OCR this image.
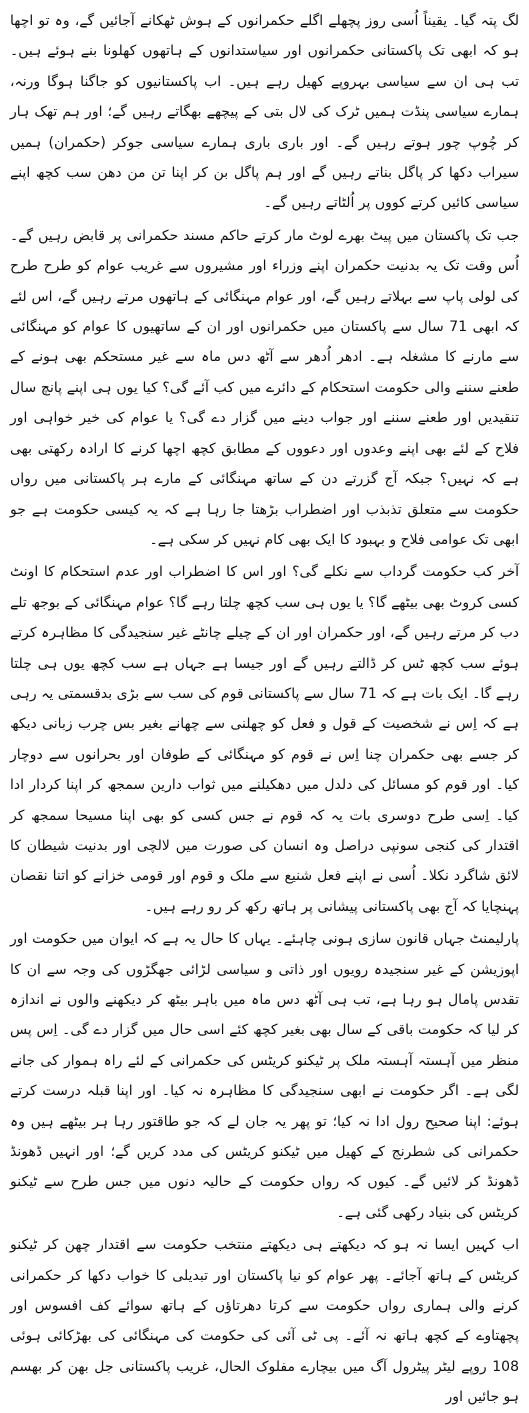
لگ پتہ گیا۔ یقیناً اُسی روز پچھلے اگلے حکمرانوں کے ہوش ٹھکانے آجائیں گے، وہ تو اچھا ہو کہ ابھی تک پاکستانی حکمرانوں اور سیاستدانوں کے ہاتھوں کھلونا بنے ہوئے ہیں۔ تب ہی ان سے سیاسی بہروپے کھیل رہے ہیں۔ اب پاکستانیوں کو جاگنا ہوگا ورنہ، ہمارے سیاسی پنڈت ہمیں ٹرک کی لال بتی کے پیچھے بھگاتے رہیں گے؛ اور ہم تھک ہار کر چُوپ چور ہوتے رہیں گے۔ اور باری باری ہمارے سیاسی جوکر (حکمران) ہمیں سیراب دکھا کر پاگل بناتے رہیں گے اور ہم پاگل بن کر اپنا تن من دھن سب کچھ اپنے سیاسی کائیں کرتے کووں پر اُلٹاتے رہیں گے۔

جب تک پاکستان میں پیٹ بھرے لوٹ مار کرتے حاکم مسند حکمرانی پر قابض رہیں گے۔ اُس وقت تک یہ بدنیت حکمران اپنے وزراء اور مشیروں سے غریب عوام کو طرح طرح کی لولی پاپ سے بہلاتے رہیں گے، اور عوام مہنگائی کے ہاتھوں مرتے رہیں گے، اس لئے کہ ابھی 71 سال سے پاکستان میں حکمرانوں اور ان کے ساتھیوں کا عوام کو مہنگائی سے مارنے کا مشغلہ ہے۔ ادھر اُدھر سے آٹھ دس ماہ سے غیر مستحکم بھی ہونے کے طعنے سننے والی حکومت استحکام کے دائرے میں کب آئے گی؟ کیا یوں ہی اپنے پانچ سال تنقیدیں اور طعنے سننے اور جواب دینے میں گزار دے گی؟ یا عوام کی خیر خواہی اور فلاح کے لئے بھی اپنے وعدوں اور دعووں کے مطابق کچھ اچھا کرنے کا ارادہ رکھتی بھی ہے کہ نہیں؟ جبکہ آج گزرتے دن کے ساتھ مہنگائی کے مارے ہر پاکستانی میں رواں حکومت سے متعلق تذبذب اور اضطراب بڑھتا جا رہا ہے کہ یہ کیسی حکومت ہے جو ابھی تک عوامی فلاح و بہبود کا ایک بھی کام نہیں کر سکی ہے۔

آخر کب حکومت گرداب سے نکلے گی؟ اور اس کا اضطراب اور عدم استحکام کا اونٹ کسی کروٹ بھی بیٹھے گا؟ یا یوں ہی سب کچھ چلتا رہے گا؟ عوام مہنگائی کے بوجھ تلے دب کر مرتے رہیں گے، اور حکمران اور ان کے چیلے چانٹے غیر سنجیدگی کا مظاہرہ کرتے ہوئے سب کچھ ٹس کر ڈالتے رہیں گے اور جیسا ہے جہاں ہے سب کچھ یوں ہی چلتا رہے گا۔ ایک بات ہے کہ 71 سال سے پاکستانی قوم کی سب سے بڑی بدقسمتی یہ رہی ہے کہ اِس نے شخصیت کے قول و فعل کو چھلنی سے چھانے بغیر بس چرب زبانی دیکھ کر جسے بھی حکمران چنا اِس نے قوم کو مہنگائی کے طوفان اور بحرانوں سے دوچار کیا۔ اور قوم کو مسائل کی دلدل میں دھکیلنے میں ثواب دارین سمجھ کر اپنا کردار ادا کیا۔ اِسی طرح دوسری بات یہ کہ قوم نے جس کسی کو بھی اپنا مسیحا سمجھ کر اقتدار کی کنجی سونپی دراصل وہ انسان کی صورت میں لالچی اور بدنیت شیطان کا لائق شاگرد نکلا۔ اُسی نے اپنے فعل شنیع سے ملک و قوم اور قومی خزانے کو اتنا نقصان پہنچایا کہ آج بھی پاکستانی پیشانی پر ہاتھ رکھ کر رو رہے ہیں۔

پارلیمنٹ جہاں قانون سازی ہونی چاہئے۔ یہاں کا حال یہ ہے کہ ایوان میں حکومت اور اپوزیشن کے غیر سنجیدہ رویوں اور ذاتی و سیاسی لڑائی جھگڑوں کی وجہ سے ان کا تقدس پامال ہو رہا ہے، تب ہی آٹھ دس ماہ میں باہر بیٹھ کر دیکھنے والوں نے اندازہ کر لیا کہ حکومت باقی کے سال بھی بغیر کچھ کئے اسی حال میں گزار دے گی۔ اِس پس منظر میں آہستہ آہستہ ملک پر ٹیکنو کریٹس کی حکمرانی کے لئے راہ ہموار کی جانے لگی ہے۔ اگر حکومت نے ابھی سنجیدگی کا مظاہرہ نہ کیا۔ اور اپنا قبلہ درست کرتے ہوئے: اپنا صحیح رول ادا نہ کیا؛ تو پھر یہ جان لے کہ جو طاقتور رہا ہر بیٹھے ہیں وہ حکمرانی کی شطرنج کے کھیل میں ٹیکنو کریٹس کی مدد کریں گے؛ اور انہیں ڈھونڈ ڈھونڈ کر لائیں گے۔ کیوں کہ رواں حکومت کے حالیہ دنوں میں جس طرح سے ٹیکنو کریٹس کی بنیاد رکھی گئی ہے۔

اب کہیں ایسا نہ ہو کہ دیکھتے ہی دیکھتے منتخب حکومت سے اقتدار چھن کر ٹیکنو کریٹس کے ہاتھ آجائے۔ پھر عوام کو نیا پاکستان اور تبدیلی کا خواب دکھا کر حکمرانی کرنے والی ہماری رواں حکومت سے کرتا دھرتاؤں کے ہاتھ سوائے کف افسوس اور پچھتاوے کے کچھ ہاتھ نہ آئے۔ پی ٹی آئی کی حکومت کی مہنگائی کی بھڑکائی ہوئی 108 روپے لیٹر پیٹرول آگ میں بیچارے مفلوک الحال، غریب پاکستانی جل بھن کر بھسم ہو جائیں اور
